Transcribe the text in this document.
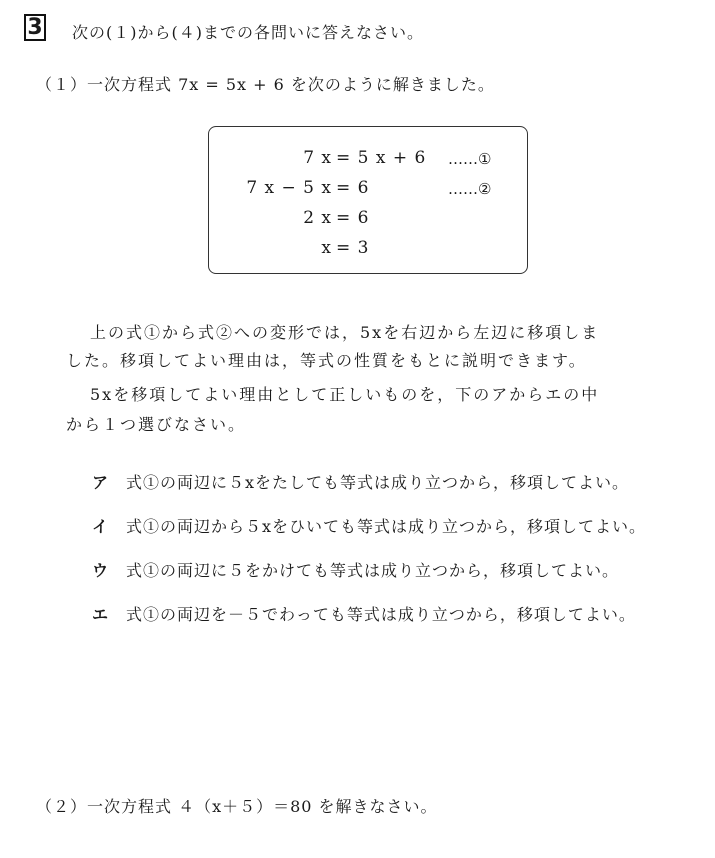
3 次の(１)から(４)までの各問いに答えなさい。
（１）一次方程式 7x = 5x + 6 を次のように解きました。
7 x = 5 x + 6 ……①
7 x − 5 x = 6	……②
2 x = 6
x = 3
上の式①から式②への変形では，5xを右辺から左辺に移項しま
した。移項してよい理由は，等式の性質をもとに説明できます。
5xを移項してよい理由として正しいものを，下のアからエの中
から１つ選びなさい。
ア 式①の両辺に５xをたしても等式は成り立つから，移項してよい。
イ 式①の両辺から５xをひいても等式は成り立つから，移項してよい。
ウ 式①の両辺に５をかけても等式は成り立つから，移項してよい。
エ 式①の両辺を－５でわっても等式は成り立つから，移項してよい。
（２）一次方程式 ４（x＋５）＝80 を解きなさい。
